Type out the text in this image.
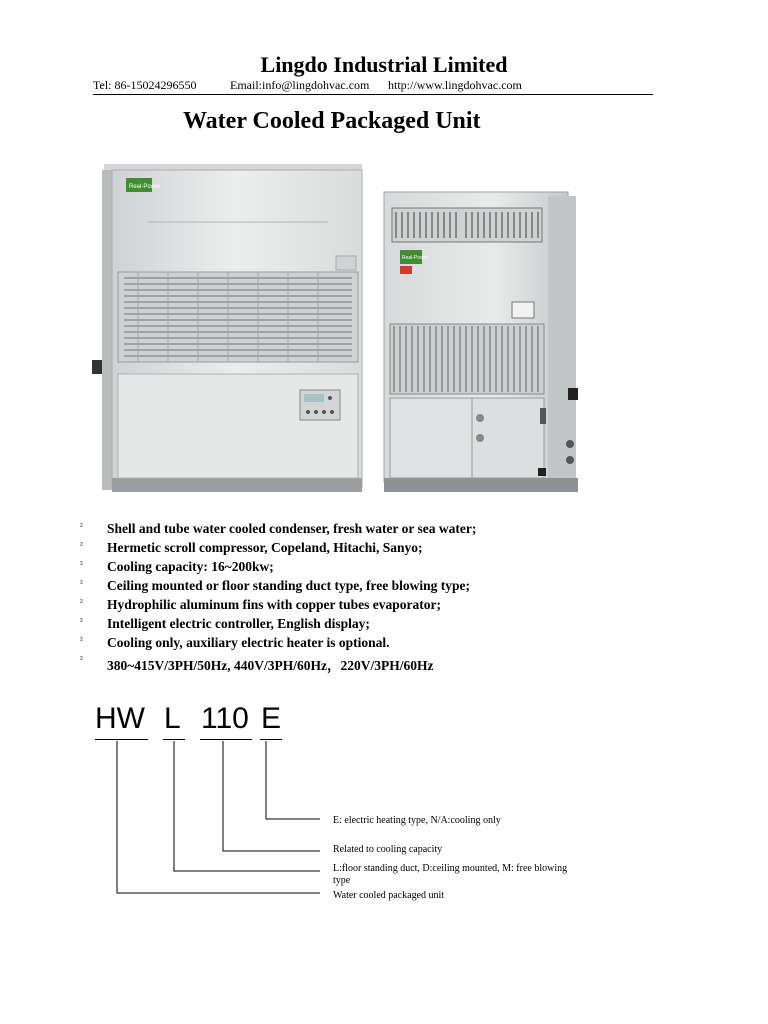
Lingdo Industrial Limited
Tel: 86-15024296550	Email:info@lingdohvac.com http://www.lingdohvac.com
Water Cooled Packaged Unit
Real-Power
Real-Power
² Shell and tube water cooled condenser, fresh water or sea water;
² Hermetic scroll compressor, Copeland, Hitachi, Sanyo;
² Cooling capacity: 16~200kw;
² Ceiling mounted or floor standing duct type, free blowing type;
² Hydrophilic aluminum fins with copper tubes evaporator;
² Intelligent electric controller, English display;
² Cooling only, auxiliary electric heater is optional.
² 380~415V/3PH/50Hz, 440V/3PH/60Hz，220V/3PH/60Hz
HW L 110 E
E: electric heating type, N/A:cooling only
Related to cooling capacity
L:floor standing duct, D:ceiling mounted, M: free blowing
type
Water cooled packaged unit
